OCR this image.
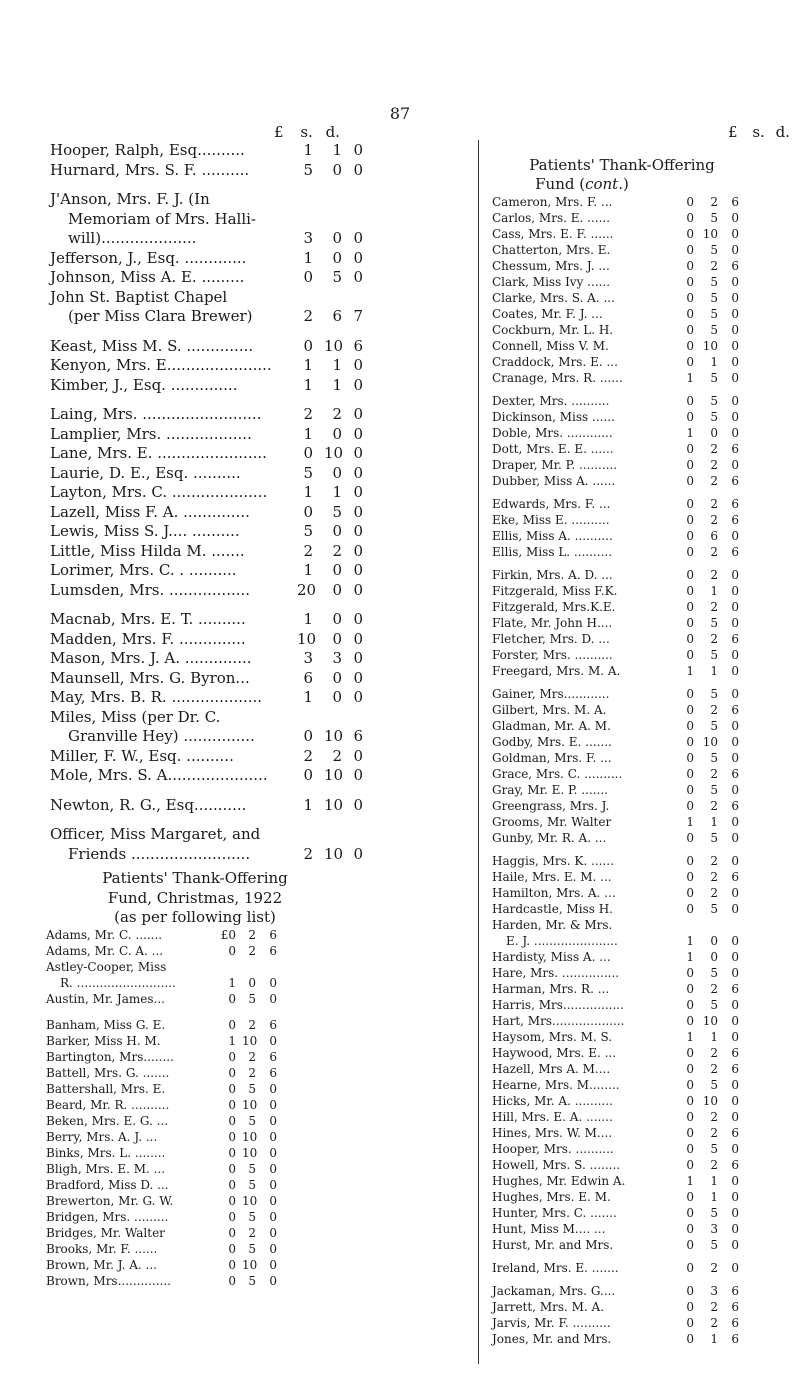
87
£ s. d.	£ s. d.
Hooper, Ralph, Esq..........	1	1 0
Hurnard, Mrs. S. F. ..........	5	0 0
J'Anson, Mrs. F. J. (In
Memoriam of Mrs. Halli-
will)....................	3	0 0
Jefferson, J., Esq. .............	1	0 0
Johnson, Miss A. E. .........	0	5 0
John St. Baptist Chapel
(per Miss Clara Brewer)	2	6 7
Keast, Miss M. S. ..............	0 10 6
Kenyon, Mrs. E......................	1	1 0
Kimber, J., Esq. ..............	1	1 0
Laing, Mrs. .........................	2	2 0
Lamplier, Mrs. ..................	1	0 0
Lane, Mrs. E. .......................	0 10 0
Laurie, D. E., Esq. ..........	5	0 0
Layton, Mrs. C. ....................	1	1 0
Lazell, Miss F. A. ..............	0	5 0
Lewis, Miss S. J.... ..........	5	0 0
Little, Miss Hilda M. .......	2	2 0
Lorimer, Mrs. C. . ..........	1	0 0
Lumsden, Mrs. .................	20	0 0
Macnab, Mrs. E. T. ..........	1	0 0
Madden, Mrs. F. ..............	10	0 0
Mason, Mrs. J. A. ..............	3	3 0
Maunsell, Mrs. G. Byron...	6	0 0
May, Mrs. B. R. ...................	1	0 0
Miles, Miss (per Dr. C.
Granville Hey) ...............	0 10 6
Miller, F. W., Esq. ..........	2	2 0
Mole, Mrs. S. A.....................	0 10 0
Newton, R. G., Esq...........	1 10 0
Officer, Miss Margaret, and
Friends .........................	2 10 0
Patients' Thank-Offering
Fund, Christmas, 1922
(as per following list)
Adams, Mr. C. .......	£0	2	6
Adams, Mr. C. A. ...	0	2	6
Astley-Cooper, Miss
R. ..........................	1	0	0
Austin, Mr. James...	0	5	0
Banham, Miss G. E.	0	2	6
Barker, Miss H. M.	1 10	0
Bartington, Mrs........	0	2	6
Battell, Mrs. G. .......	0	2	6
Battershall, Mrs. E.	0	5	0
Beard, Mr. R. ..........	0 10	0
Beken, Mrs. E. G. ...	0	5	0
Berry, Mrs. A. J. ...	0 10	0
Binks, Mrs. L. ........	0 10	0
Bligh, Mrs. E. M. ...	0	5	0
Bradford, Miss D. ...	0	5	0
Brewerton, Mr. G. W.	0 10	0
Bridgen, Mrs. .........	0	5	0
Bridges, Mr. Walter	0	2	0
Brooks, Mr. F. ......	0	5	0
Brown, Mr. J. A. ...	0 10	0
Brown, Mrs..............	0	5	0
Patients' Thank-Offering
Fund (cont.)
Cameron, Mrs. F. ...	0	2	6
Carlos, Mrs. E. ......	0	5	0
Cass, Mrs. E. F. ......	0 10	0
Chatterton, Mrs. E.	0	5	0
Chessum, Mrs. J. ...	0	2	6
Clark, Miss Ivy ......	0	5	0
Clarke, Mrs. S. A. ...	0	5	0
Coates, Mr. F. J. ...	0	5	0
Cockburn, Mr. L. H.	0	5	0
Connell, Miss V. M.	0 10	0
Craddock, Mrs. E. ...	0	1	0
Cranage, Mrs. R. ......	1	5	0
Dexter, Mrs. ..........	0	5	0
Dickinson, Miss ......	0	5	0
Doble, Mrs. ............	1	0	0
Dott, Mrs. E. E. ......	0	2	6
Draper, Mr. P. ..........	0	2	0
Dubber, Miss A. ......	0	2	6
Edwards, Mrs. F. ...	0	2	6
Eke, Miss E. ..........	0	2	6
Ellis, Miss A. ..........	0	6	0
Ellis, Miss L. ..........	0	2	6
Firkin, Mrs. A. D. ...	0	2	0
Fitzgerald, Miss F.K.	0	1	0
Fitzgerald, Mrs.K.E.	0	2	0
Flate, Mr. John H....	0	5	0
Fletcher, Mrs. D. ...	0	2	6
Forster, Mrs. ..........	0	5	0
Freegard, Mrs. M. A.	1	1	0
Gainer, Mrs............	0	5	0
Gilbert, Mrs. M. A.	0	2	6
Gladman, Mr. A. M.	0	5	0
Godby, Mrs. E. .......	0 10	0
Goldman, Mrs. F. ...	0	5	0
Grace, Mrs. C. ..........	0	2	6
Gray, Mr. E. P. .......	0	5	0
Greengrass, Mrs. J.	0	2	6
Grooms, Mr. Walter	1	1	0
Gunby, Mr. R. A. ...	0	5	0
Haggis, Mrs. K. ......	0	2	0
Haile, Mrs. E. M. ...	0	2	6
Hamilton, Mrs. A. ...	0	2	0
Hardcastle, Miss H.	0	5	0
Harden, Mr. & Mrs.
E. J. ......................	1	0	0
Hardisty, Miss A. ...	1	0	0
Hare, Mrs. ...............	0	5	0
Harman, Mrs. R. ...	0	2	6
Harris, Mrs................	0	5	0
Hart, Mrs...................	0 10	0
Haysom, Mrs. M. S.	1	1	0
Haywood, Mrs. E. ...	0	2	6
Hazell, Mrs A. M....	0	2	6
Hearne, Mrs. M........	0	5	0
Hicks, Mr. A. ..........	0 10	0
Hill, Mrs. E. A. .......	0	2	0
Hines, Mrs. W. M....	0	2	6
Hooper, Mrs. ..........	0	5	0
Howell, Mrs. S. ........	0	2	6
Hughes, Mr. Edwin A.	1	1	0
Hughes, Mrs. E. M.	0	1	0
Hunter, Mrs. C. .......	0	5	0
Hunt, Miss M.... ...	0	3	0
Hurst, Mr. and Mrs.	0	5	0
Ireland, Mrs. E. .......	0	2	0
Jackaman, Mrs. G....	0	3	6
Jarrett, Mrs. M. A.	0	2	6
Jarvis, Mr. F. ..........	0	2	6
Jones, Mr. and Mrs.	0	1	6
